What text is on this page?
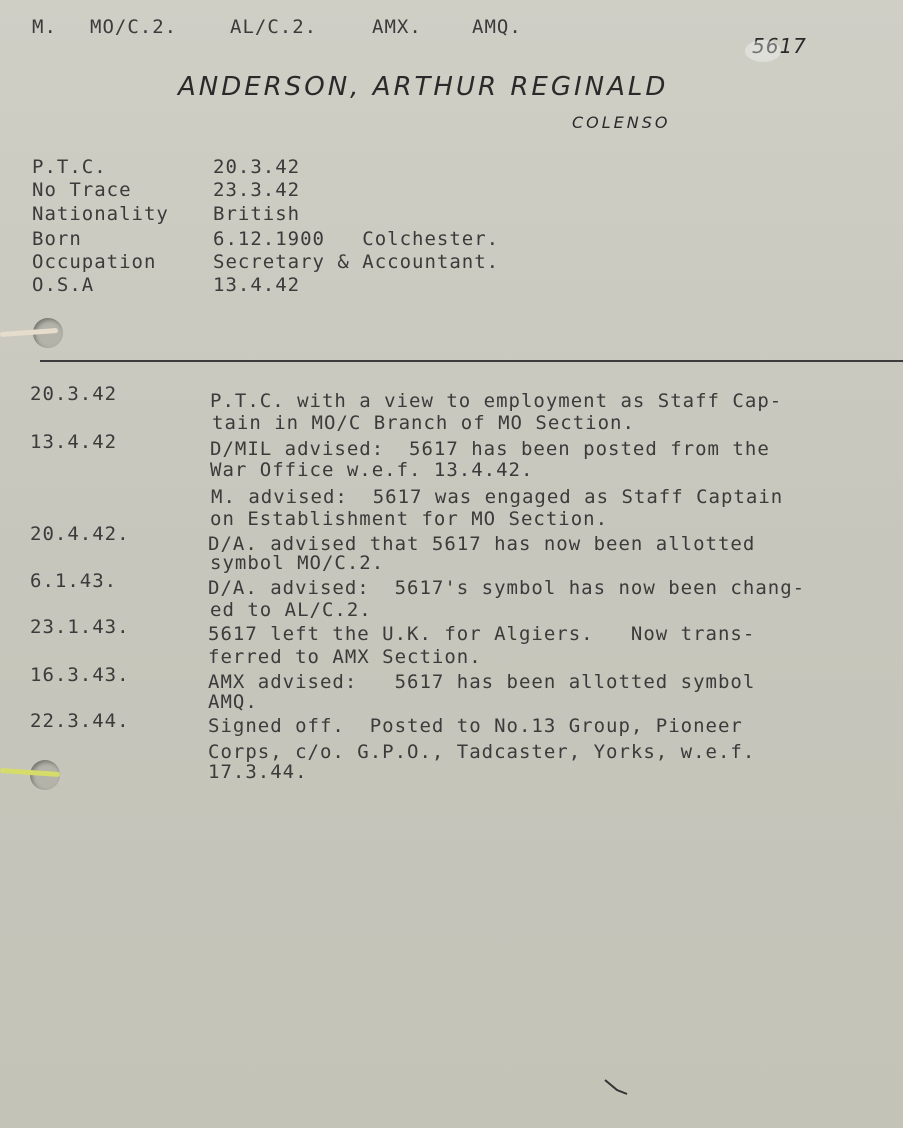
M. MO/C.2.	AL/C.2.	AMX.	AMQ.
5617
ANDERSON, ARTHUR REGINALD
COLENSO
P.T.C.	20.3.42
No Trace	23.3.42
Nationality British
Born	6.12.1900   Colchester.
Occupation	Secretary & Accountant.
O.S.A	13.4.42
20.3.42	P.T.C. with a view to employment as Staff Cap-
tain in MO/C Branch of MO Section.
13.4.42	D/MIL advised:  5617 has been posted from the
War Office w.e.f. 13.4.42.
M. advised:  5617 was engaged as Staff Captain
on Establishment for MO Section.
20.4.42.	D/A. advised that 5617 has now been allotted
symbol MO/C.2.
6.1.43.	D/A. advised:  5617's symbol has now been chang-
ed to AL/C.2.
23.1.43.	5617 left the U.K. for Algiers.   Now trans-
ferred to AMX Section.
16.3.43.	AMX advised:   5617 has been allotted symbol
AMQ.
22.3.44.	Signed off.  Posted to No.13 Group, Pioneer
Corps, c/o. G.P.O., Tadcaster, Yorks, w.e.f.
17.3.44.
